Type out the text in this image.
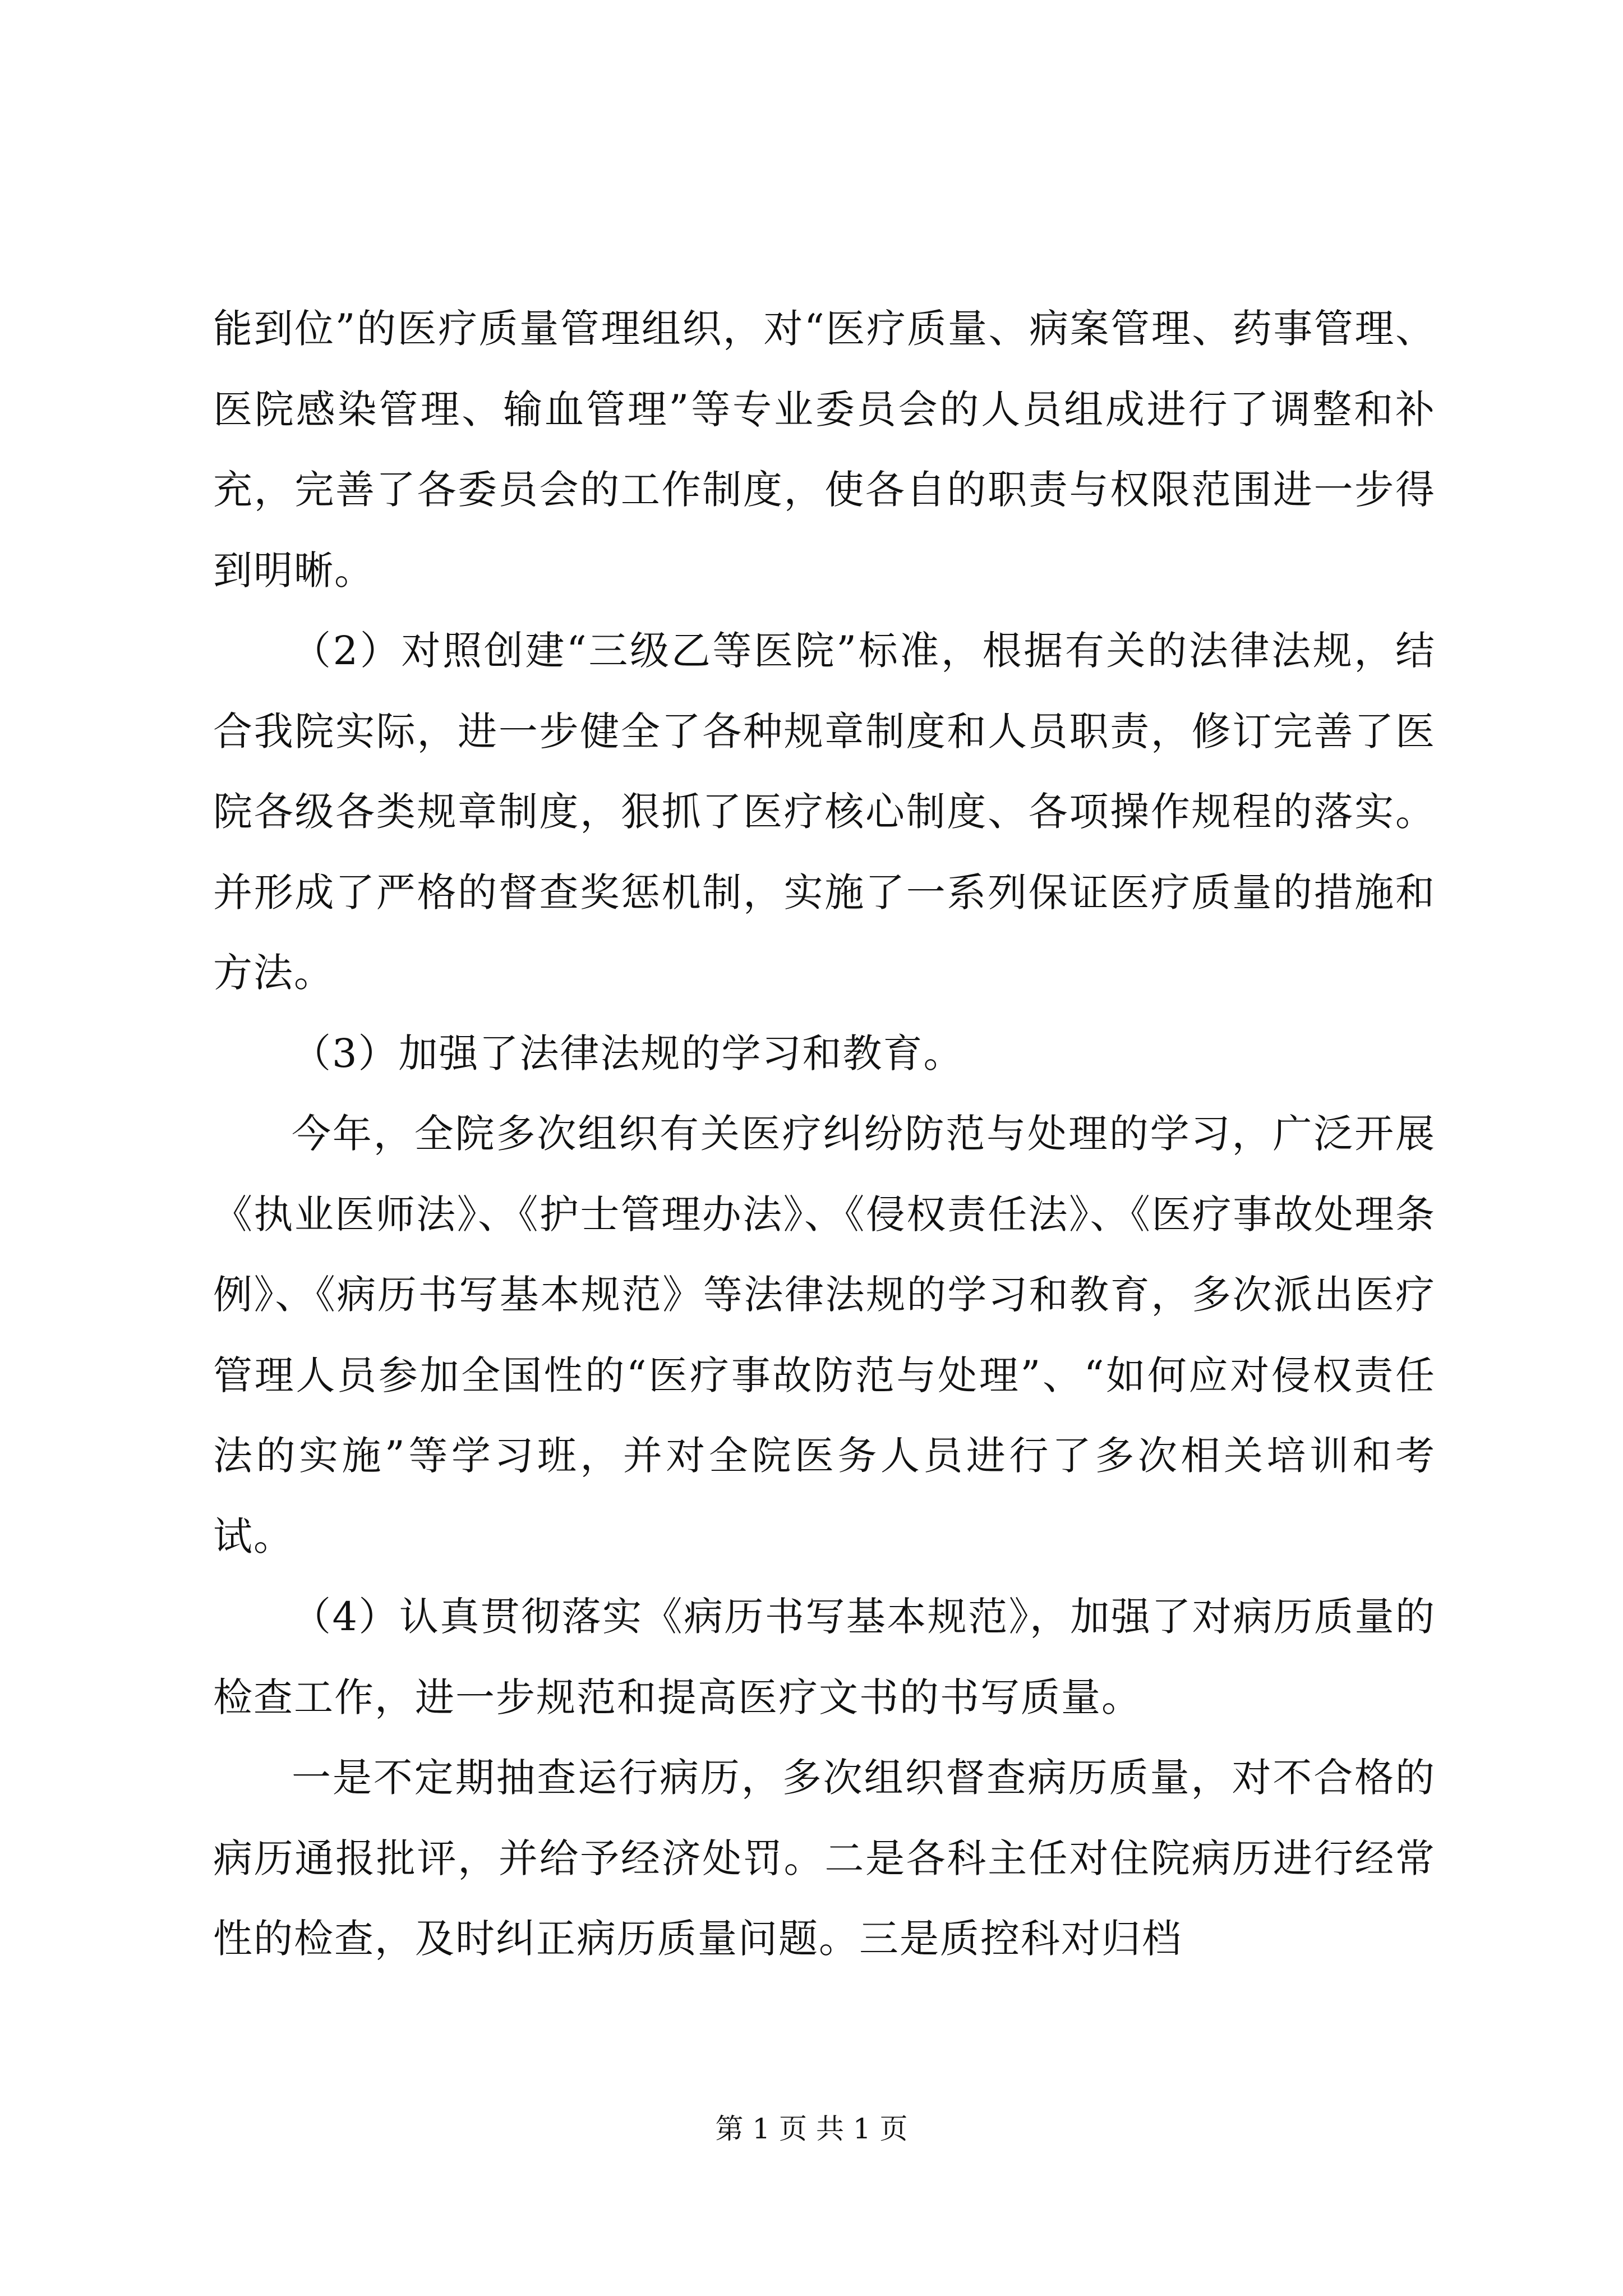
能到位”的医疗质量管理组织，对“医疗质量、病案管理、药事管理、医院感染管理、输血管理”等专业委员会的人员组成进行了调整和补充，完善了各委员会的工作制度，使各自的职责与权限范围进一步得到明晰。

（2）对照创建“三级乙等医院”标准，根据有关的法律法规，结合我院实际，进一步健全了各种规章制度和人员职责，修订完善了医院各级各类规章制度，狠抓了医疗核心制度、各项操作规程的落实。并形成了严格的督查奖惩机制，实施了一系列保证医疗质量的措施和方法。

（3）加强了法律法规的学习和教育。

今年，全院多次组织有关医疗纠纷防范与处理的学习，广泛开展《执业医师法》、《护士管理办法》、《侵权责任法》、《医疗事故处理条例》、《病历书写基本规范》等法律法规的学习和教育，多次派出医疗管理人员参加全国性的“医疗事故防范与处理”、“如何应对侵权责任法的实施”等学习班，并对全院医务人员进行了多次相关培训和考试。

（4）认真贯彻落实《病历书写基本规范》，加强了对病历质量的检查工作，进一步规范和提高医疗文书的书写质量。

一是不定期抽查运行病历，多次组织督查病历质量，对不合格的病历通报批评，并给予经济处罚。二是各科主任对住院病历进行经常性的检查，及时纠正病历质量问题。三是质控科对归档

第 1 页 共 1 页
